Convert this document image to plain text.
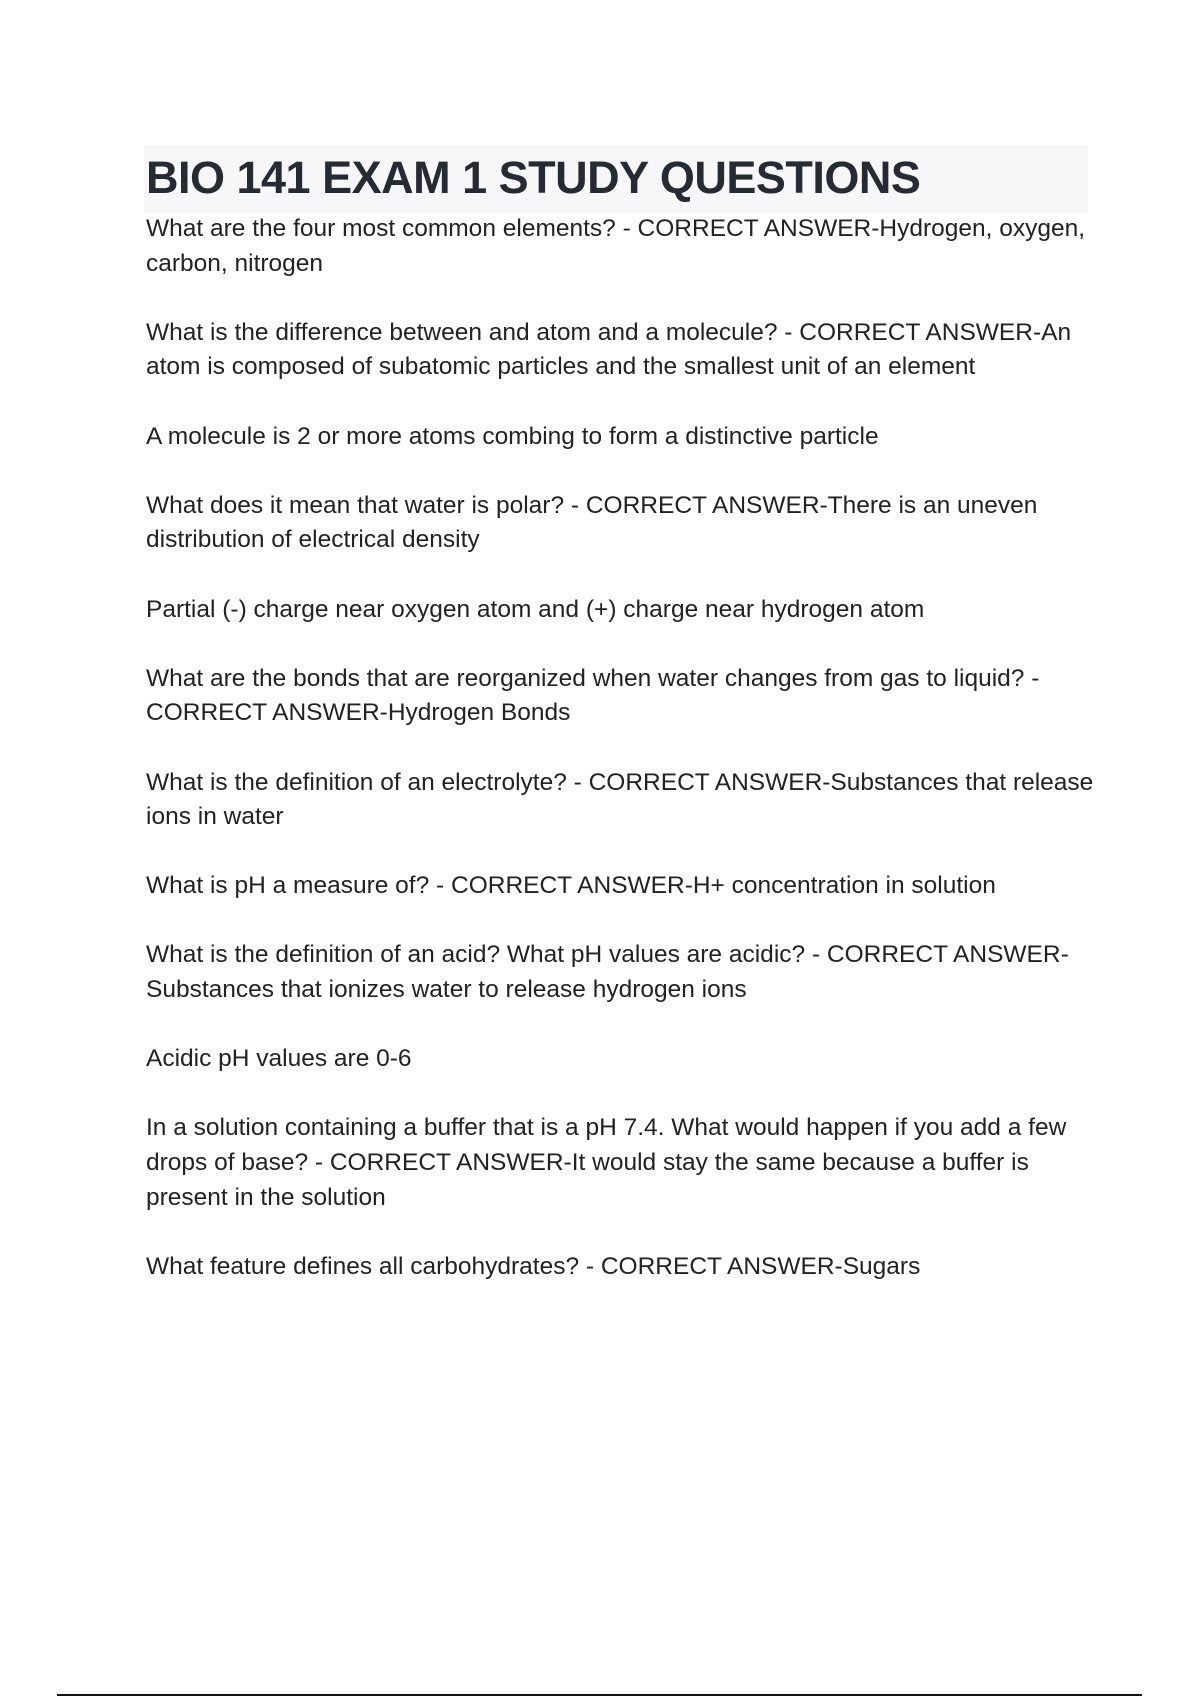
BIO 141 EXAM 1 STUDY QUESTIONS

What are the four most common elements? - CORRECT ANSWER-Hydrogen, oxygen, carbon, nitrogen

What is the difference between and atom and a molecule? - CORRECT ANSWER-An atom is composed of subatomic particles and the smallest unit of an element

A molecule is 2 or more atoms combing to form a distinctive particle

What does it mean that water is polar? - CORRECT ANSWER-There is an uneven distribution of electrical density

Partial (-) charge near oxygen atom and (+) charge near hydrogen atom

What are the bonds that are reorganized when water changes from gas to liquid? - CORRECT ANSWER-Hydrogen Bonds

What is the definition of an electrolyte? - CORRECT ANSWER-Substances that release ions in water

What is pH a measure of? - CORRECT ANSWER-H+ concentration in solution

What is the definition of an acid? What pH values are acidic? - CORRECT ANSWER-Substances that ionizes water to release hydrogen ions

Acidic pH values are 0-6

In a solution containing a buffer that is a pH 7.4. What would happen if you add a few drops of base? - CORRECT ANSWER-It would stay the same because a buffer is present in the solution

What feature defines all carbohydrates? - CORRECT ANSWER-Sugars
